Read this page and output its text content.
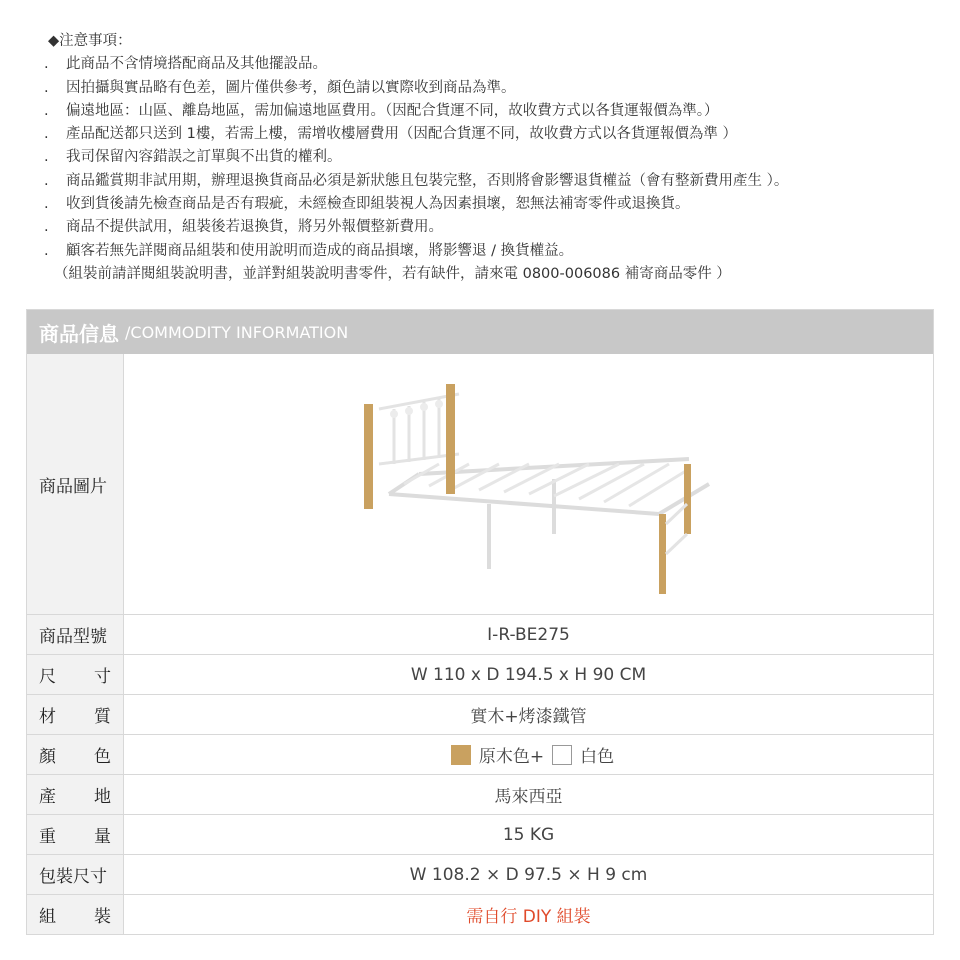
◆注意事項：
. 此商品不含情境搭配商品及其他擺設品。
. 因拍攝與實品略有色差，圖片僅供參考，顏色請以實際收到商品為準。
. 偏遠地區：山區、離島地區，需加偏遠地區費用。（因配合貨運不同，故收費方式以各貨運報價為準。）
. 產品配送都只送到 1樓，若需上樓，需增收樓層費用（因配合貨運不同，故收費方式以各貨運報價為準 ）
. 我司保留內容錯誤之訂單與不出貨的權利。
. 商品鑑賞期非試用期，辦理退換貨商品必須是新狀態且包裝完整，否則將會影響退貨權益（會有整新費用產生 ）。
. 收到貨後請先檢查商品是否有瑕疵，未經檢查即組裝視人為因素損壞，恕無法補寄零件或退換貨。
. 商品不提供試用，組裝後若退換貨，將另外報價整新費用。
. 顧客若無先詳閱商品組裝和使用說明而造成的商品損壞，將影響退 / 換貨權益。
（組裝前請詳閱組裝說明書，並詳對組裝說明書零件，若有缺件，請來電 0800-006086 補寄商品零件 ）
商品信息 /COMMODITY INFORMATION
商品圖片
商品型號	I-R-BE275
尺 寸	W 110 x D 194.5 x H 90 CM
材 質	實木+烤漆鐵管
顏 色	原木色+ 白色
產 地	馬來西亞
重 量	15 KG
包裝尺寸	W 108.2 × D 97.5 × H 9 cm
組 裝	需自行 DIY 組裝
